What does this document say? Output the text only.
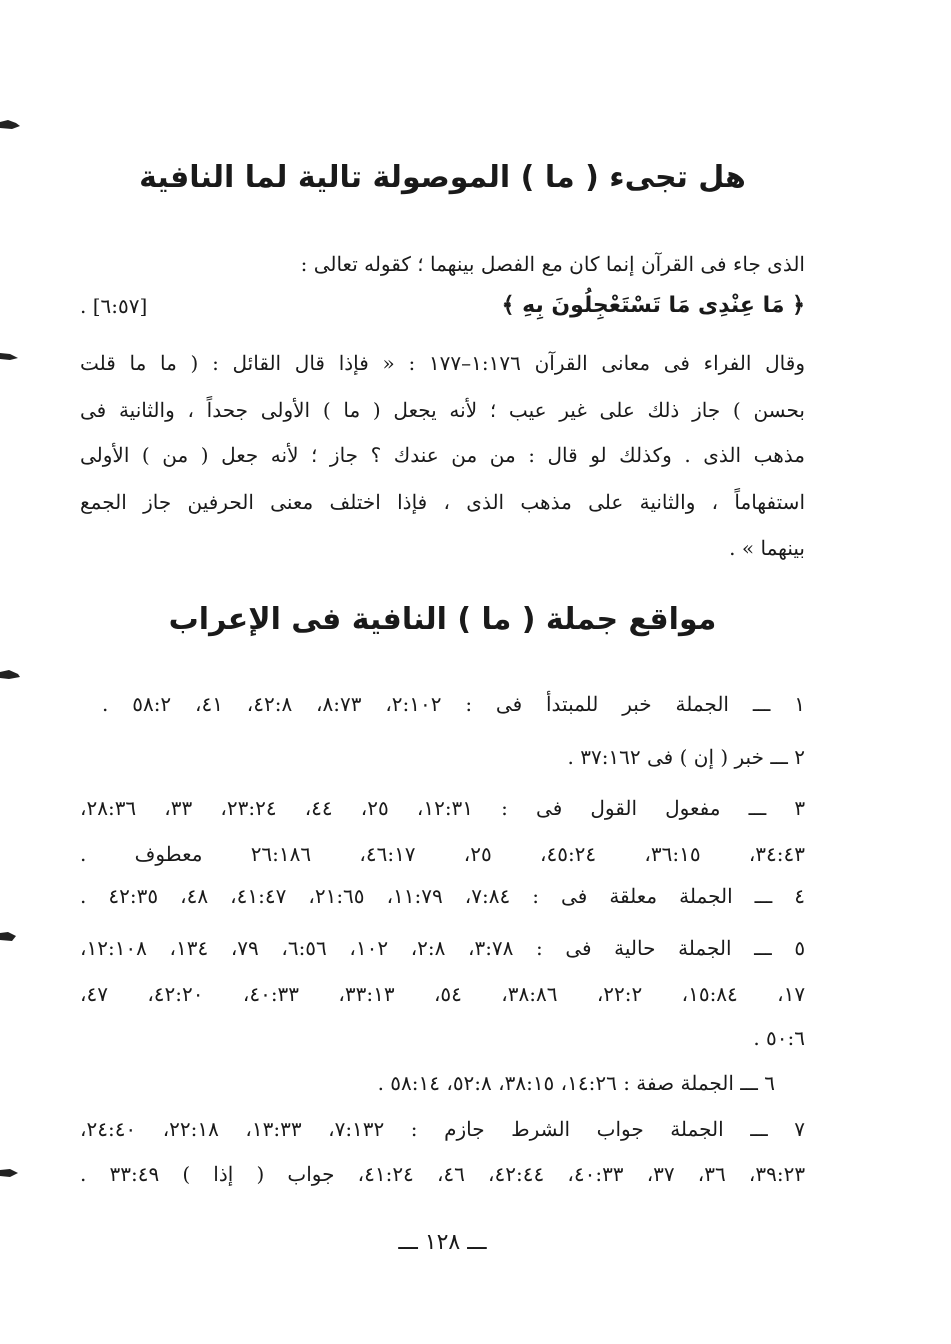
هل تجىء ( ما ) الموصولة تالية لما النافية
الذى جاء فى القرآن إنما كان مع الفصل بينهما ؛ كقوله تعالى :
﴿ مَا عِنْدِى مَا تَسْتَعْجِلُونَ بِهِ ﴾
[٦:٥٧] .
وقال الفراء فى معانى القرآن ١:١٧٦–١٧٧ : « فإذا قال القائل : ( ما ما قلت
بحسن ) جاز ذلك على غير عيب ؛ لأنه يجعل ( ما ) الأولى جحداً ، والثانية فى
مذهب الذى . وكذلك لو قال : من من عندك ؟ جاز ؛ لأنه جعل ( من ) الأولى
استفهاماً ، والثانية على مذهب الذى ، فإذا اختلف معنى الحرفين جاز الجمع
بينهما » .
مواقع جملة ( ما ) النافية فى الإعراب
١ ـــ الجملة خبر للمبتدأ فى : ٢:١٠٢، ٨:٧٣، ٤٢:٨، ٤١، ٥٨:٢ .
٢ ـــ خبر ( إن ) فى ٣٧:١٦٢ .
٣ ـــ مفعول القول فى : ١٢:٣١، ٢٥، ٤٤، ٢٣:٢٤، ٣٣، ٢٨:٣٦،
٣٤:٤٣، ٣٦:١٥، ٤٥:٢٤، ٢٥، ٤٦:١٧، ٢٦:١٨٦ معطوف .
٤ ـــ الجملة معلقة فى : ٧:٨٤، ١١:٧٩، ٢١:٦٥، ٤١:٤٧، ٤٨، ٤٢:٣٥ .
٥ ـــ الجملة حالية فى : ٣:٧٨، ٢:٨، ١٠٢، ٦:٥٦، ٧٩، ١٣٤، ١٢:١٠٨،
١٧، ١٥:٨٤، ٢٢:٢، ٣٨:٨٦، ٥٤، ٣٣:١٣، ٤٠:٣٣، ٤٢:٢٠، ٤٧،
٥٠:٦ .
٦ ـــ الجملة صفة : ١٤:٢٦، ٣٨:١٥، ٥٢:٨، ٥٨:١٤ .
٧ ـــ الجملة جواب الشرط جازم : ٧:١٣٢، ١٣:٣٣، ٢٢:١٨، ٢٤:٤٠،
٣٩:٢٣، ٣٦، ٣٧، ٤٠:٣٣، ٤٢:٤٤، ٤٦، ٤١:٢٤، جواب ( إذا ) ٣٣:٤٩ .
ـــ ١٢٨ ـــ
